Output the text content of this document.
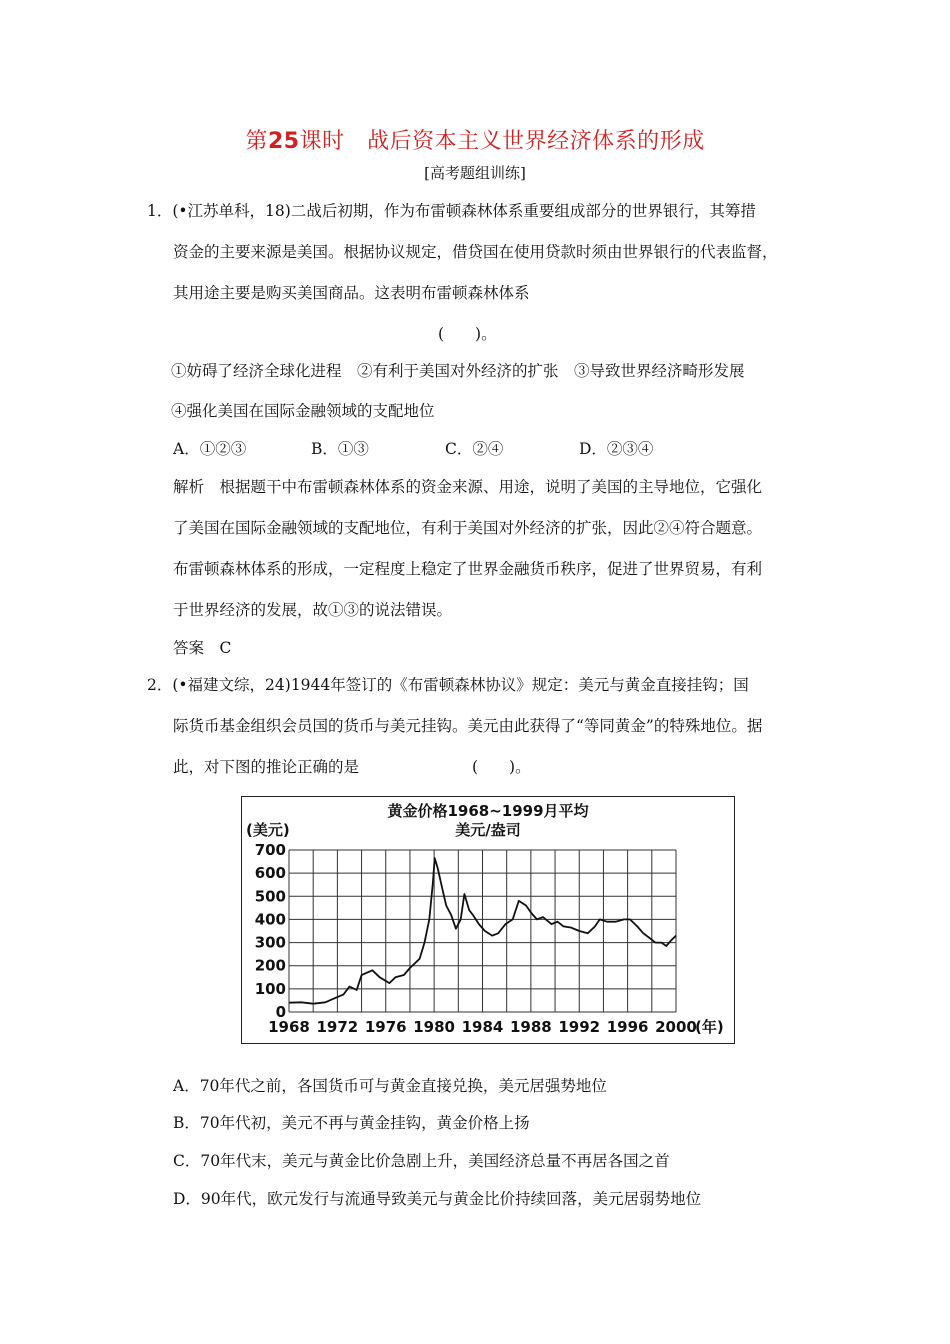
第25课时　战后资本主义世界经济体系的形成
[高考题组训练]
1．(•江苏单科，18)二战后初期，作为布雷顿森林体系重要组成部分的世界银行，其筹措
资金的主要来源是美国。根据协议规定，借贷国在使用贷款时须由世界银行的代表监督，
其用途主要是购买美国商品。这表明布雷顿森林体系
(　　)。
①妨碍了经济全球化进程　②有利于美国对外经济的扩张　③导致世界经济畸形发展
④强化美国在国际金融领域的支配地位
A．①②③	B．①③	C．②④	D．②③④
解析　根据题干中布雷顿森林体系的资金来源、用途，说明了美国的主导地位，它强化
了美国在国际金融领域的支配地位，有利于美国对外经济的扩张，因此②④符合题意。
布雷顿森林体系的形成，一定程度上稳定了世界金融货币秩序，促进了世界贸易，有利
于世界经济的发展，故①③的说法错误。
答案　C
2．(•福建文综，24)1944年签订的《布雷顿森林协议》规定：美元与黄金直接挂钩；国
际货币基金组织会员国的货币与美元挂钩。美元由此获得了“等同黄金”的特殊地位。据
此，对下图的推论正确的是	(　　)。
黄金价格1968~1999月平均
美元/盎司
(美元)
700
600
500
400
300
200
100
0
1968 1972 1976 1980 1984 1988 1992 1996 2000
(年)
A．70年代之前，各国货币可与黄金直接兑换，美元居强势地位
B．70年代初，美元不再与黄金挂钩，黄金价格上扬
C．70年代末，美元与黄金比价急剧上升，美国经济总量不再居各国之首
D．90年代，欧元发行与流通导致美元与黄金比价持续回落，美元居弱势地位
